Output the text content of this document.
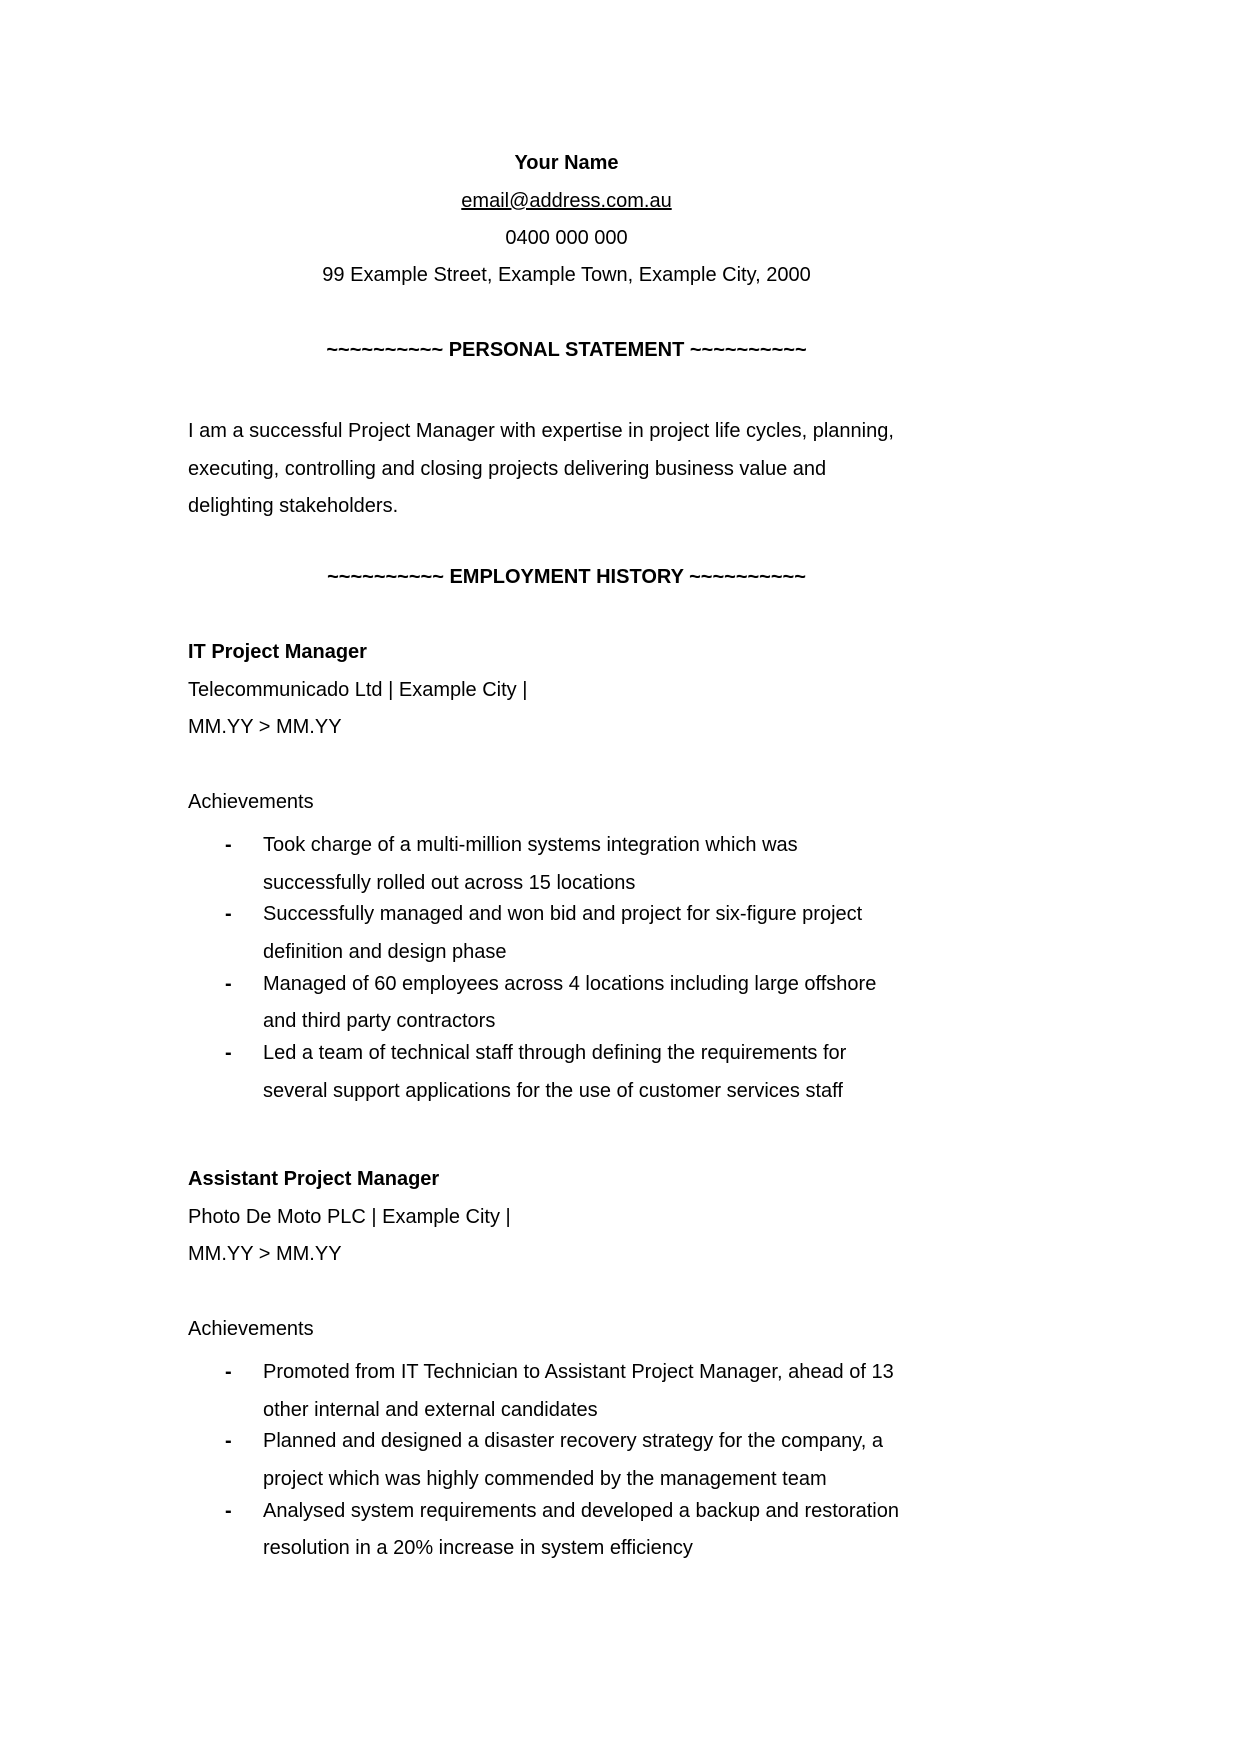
Your Name
email@address.com.au
0400 000 000
99 Example Street, Example Town, Example City, 2000
~~~~~~~~~~ PERSONAL STATEMENT ~~~~~~~~~~
I am a successful Project Manager with expertise in project life cycles, planning,
executing, controlling and closing projects delivering business value and
delighting stakeholders.
~~~~~~~~~~ EMPLOYMENT HISTORY ~~~~~~~~~~
IT Project Manager
Telecommunicado Ltd | Example City |
MM.YY > MM.YY
Achievements
- Took charge of a multi-million systems integration which was
successfully rolled out across 15 locations
- Successfully managed and won bid and project for six-figure project
definition and design phase
- Managed of 60 employees across 4 locations including large offshore
and third party contractors
- Led a team of technical staff through defining the requirements for
several support applications for the use of customer services staff
Assistant Project Manager
Photo De Moto PLC | Example City |
MM.YY > MM.YY
Achievements
- Promoted from IT Technician to Assistant Project Manager, ahead of 13
other internal and external candidates
- Planned and designed a disaster recovery strategy for the company, a
project which was highly commended by the management team
- Analysed system requirements and developed a backup and restoration
resolution in a 20% increase in system efficiency
